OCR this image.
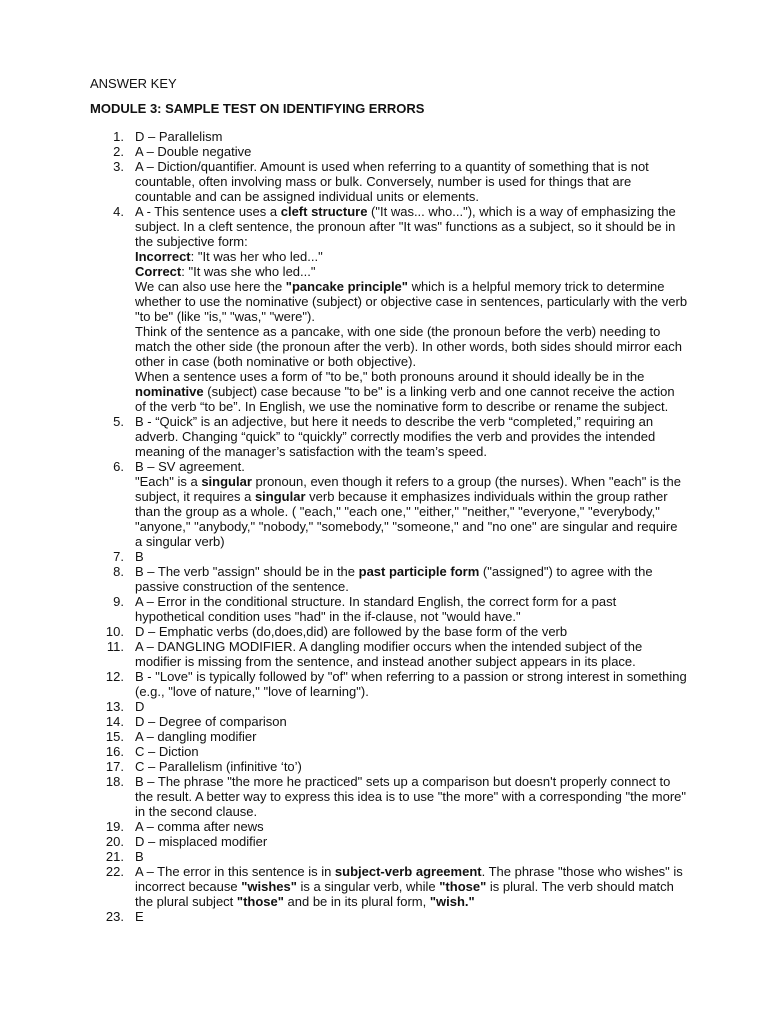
ANSWER KEY
MODULE 3: SAMPLE TEST ON IDENTIFYING ERRORS
1. D – Parallelism
2. A – Double negative
3. A – Diction/quantifier. Amount is used when referring to a quantity of something that is not countable, often involving mass or bulk. Conversely, number is used for things that are countable and can be assigned individual units or elements.
4. A - This sentence uses a cleft structure ("It was... who..."), which is a way of emphasizing the subject. In a cleft sentence, the pronoun after "It was" functions as a subject, so it should be in the subjective form:
Incorrect: "It was her who led..."
Correct: "It was she who led..."
We can also use here the "pancake principle" which is a helpful memory trick to determine whether to use the nominative (subject) or objective case in sentences, particularly with the verb "to be" (like "is," "was," "were").
Think of the sentence as a pancake, with one side (the pronoun before the verb) needing to match the other side (the pronoun after the verb). In other words, both sides should mirror each other in case (both nominative or both objective).
When a sentence uses a form of "to be," both pronouns around it should ideally be in the nominative (subject) case because "to be" is a linking verb and one cannot receive the action of the verb “to be”. In English, we use the nominative form to describe or rename the subject.
5. B - “Quick” is an adjective, but here it needs to describe the verb “completed,” requiring an adverb. Changing “quick” to “quickly” correctly modifies the verb and provides the intended meaning of the manager’s satisfaction with the team’s speed.
6. B – SV agreement.
"Each" is a singular pronoun, even though it refers to a group (the nurses). When "each" is the subject, it requires a singular verb because it emphasizes individuals within the group rather than the group as a whole. ( "each," "each one," "either," "neither," "everyone," "everybody," "anyone," "anybody," "nobody," "somebody," "someone," and "no one" are singular and require a singular verb)
7. B
8. B – The verb "assign" should be in the past participle form ("assigned") to agree with the passive construction of the sentence.
9. A – Error in the conditional structure. In standard English, the correct form for a past hypothetical condition uses "had" in the if-clause, not "would have."
10. D – Emphatic verbs (do,does,did) are followed by the base form of the verb
11. A – DANGLING MODIFIER. A dangling modifier occurs when the intended subject of the modifier is missing from the sentence, and instead another subject appears in its place.
12. B - "Love" is typically followed by "of" when referring to a passion or strong interest in something (e.g., "love of nature," "love of learning").
13. D
14. D – Degree of comparison
15. A – dangling modifier
16. C – Diction
17. C – Parallelism (infinitive ‘to’)
18. B – The phrase "the more he practiced" sets up a comparison but doesn't properly connect to the result. A better way to express this idea is to use "the more" with a corresponding "the more" in the second clause.
19. A – comma after news
20. D – misplaced modifier
21. B
22. A – The error in this sentence is in subject-verb agreement. The phrase "those who wishes" is incorrect because "wishes" is a singular verb, while "those" is plural. The verb should match the plural subject "those" and be in its plural form, "wish."
23. E
